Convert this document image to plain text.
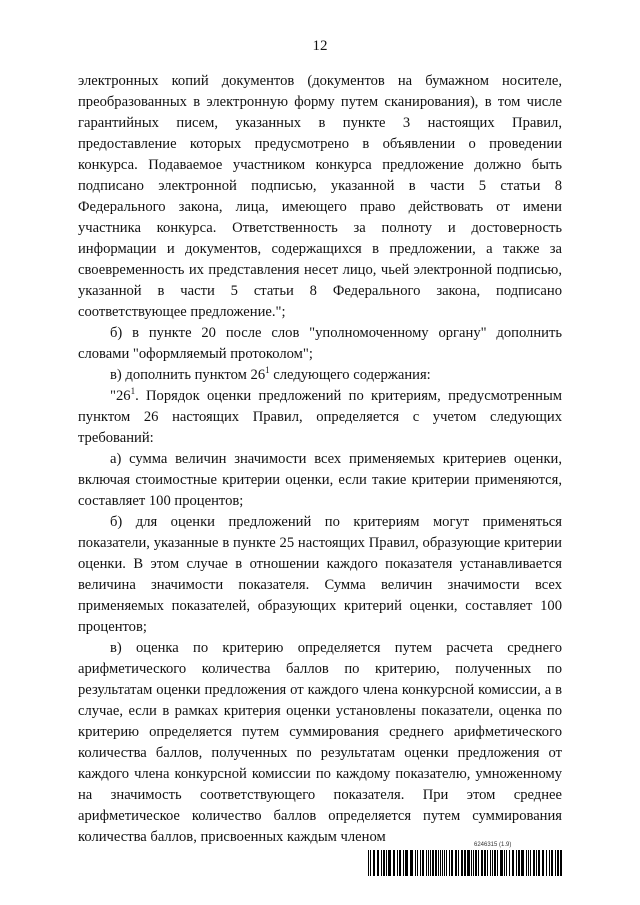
12

электронных копий документов (документов на бумажном носителе, преобразованных в электронную форму путем сканирования), в том числе гарантийных писем, указанных в пункте 3 настоящих Правил, предоставление которых предусмотрено в объявлении о проведении конкурса. Подаваемое участником конкурса предложение должно быть подписано электронной подписью, указанной в части 5 статьи 8 Федерального закона, лица, имеющего право действовать от имени участника конкурса. Ответственность за полноту и достоверность информации и документов, содержащихся в предложении, а также за своевременность их представления несет лицо, чьей электронной подписью, указанной в части 5 статьи 8 Федерального закона, подписано соответствующее предложение.";

б) в пункте 20 после слов "уполномоченному органу" дополнить словами "оформляемый протоколом";

в) дополнить пунктом $26^1$ следующего содержания:

"$26^1$. Порядок оценки предложений по критериям, предусмотренным пунктом 26 настоящих Правил, определяется с учетом следующих требований:

а) сумма величин значимости всех применяемых критериев оценки, включая стоимостные критерии оценки, если такие критерии применяются, составляет 100 процентов;

б) для оценки предложений по критериям могут применяться показатели, указанные в пункте 25 настоящих Правил, образующие критерии оценки. В этом случае в отношении каждого показателя устанавливается величина значимости показателя. Сумма величин значимости всех применяемых показателей, образующих критерий оценки, составляет 100 процентов;

в) оценка по критерию определяется путем расчета среднего арифметического количества баллов по критерию, полученных по результатам оценки предложения от каждого члена конкурсной комиссии, а в случае, если в рамках критерия оценки установлены показатели, оценка по критерию определяется путем суммирования среднего арифметического количества баллов, полученных по результатам оценки предложения от каждого члена конкурсной комиссии по каждому показателю, умноженному на значимость соответствующего показателя. При этом среднее арифметическое количество баллов определяется путем суммирования количества баллов, присвоенных каждым членом	6246315 (1.9)
